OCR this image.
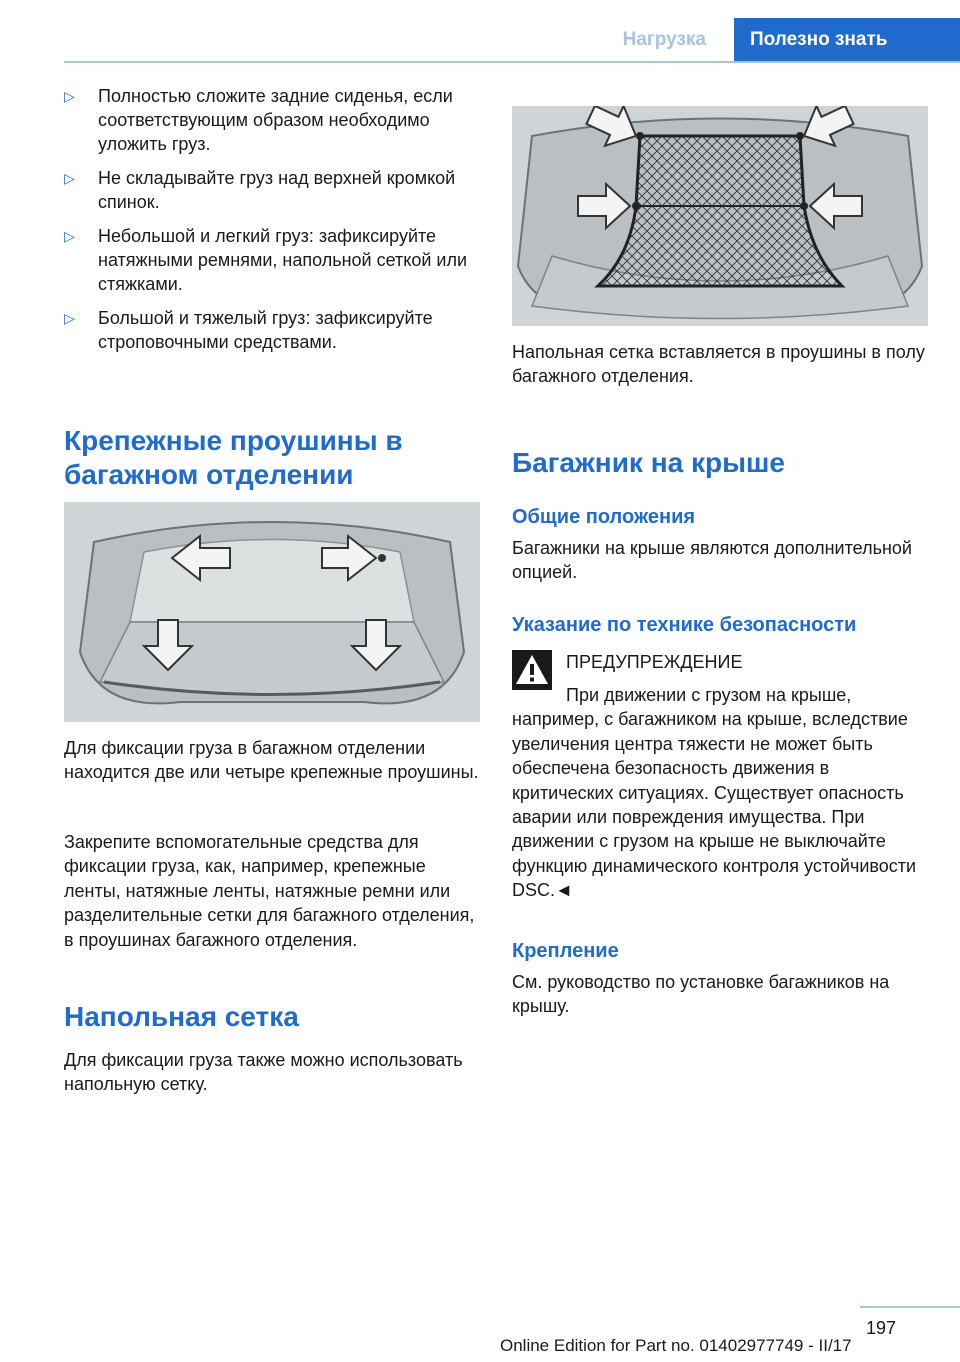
Нагрузка	Полезно знать
▷ Полностью сложите задние сиденья, если соответствующим образом необходимо уложить груз.
▷ Не складывайте груз над верхней кромкой спинок.
▷ Небольшой и легкий груз: зафиксируйте натяжными ремнями, напольной сеткой или стяжками.
▷ Большой и тяжелый груз: зафиксируйте строповочными средствами.
Крепежные проушины в багажном отделении
Для фиксации груза в багажном отделении находится две или четыре крепежные проушины.
Закрепите вспомогательные средства для фиксации груза, как, например, крепежные ленты, натяжные ленты, натяжные ремни или разделительные сетки для багажного отделения, в проушинах багажного отделения.
Напольная сетка
Для фиксации груза также можно использовать напольную сетку.
Напольная сетка вставляется в проушины в полу багажного отделения.
Багажник на крыше
Общие положения
Багажники на крыше являются дополнительной опцией.
Указание по технике безопасности
ПРЕДУПРЕЖДЕНИЕ
При движении с грузом на крыше, например, с багажником на крыше, вследствие увеличения центра тяжести не может быть обеспечена безопасность движения в критических ситуациях. Существует опасность аварии или повреждения имущества. При движении с грузом на крыше не выключайте функцию динамического контроля устойчивости DSC.◄
Крепление
См. руководство по установке багажников на крышу.
197
Online Edition for Part no. 01402977749 - II/17
